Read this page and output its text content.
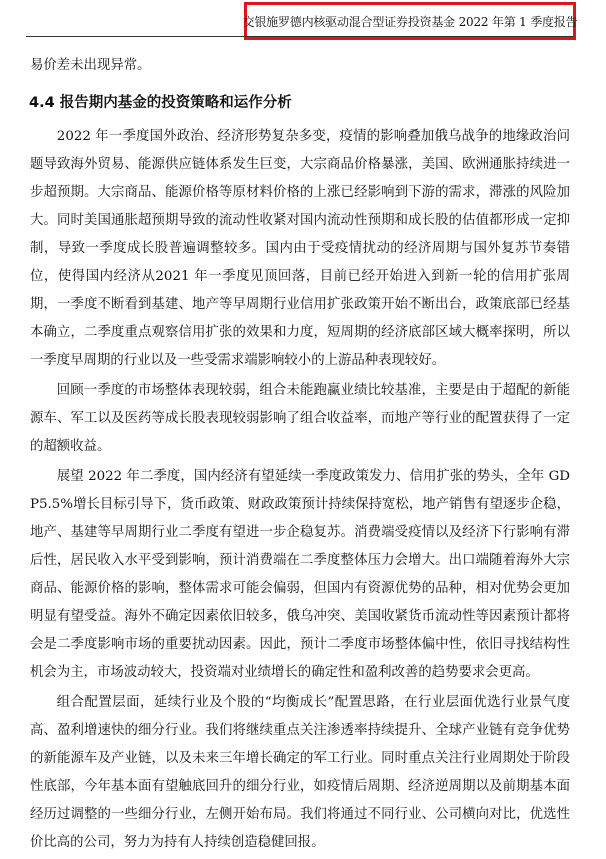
交银施罗德内核驱动混合型证券投资基金 2022 年第 1 季度报告

易价差未出现异常。

4.4 报告期内基金的投资策略和运作分析

2022 年一季度国外政治、经济形势复杂多变，疫情的影响叠加俄乌战争的地缘政治问题导致海外贸易、能源供应链体系发生巨变，大宗商品价格暴涨，美国、欧洲通胀持续进一步超预期。大宗商品、能源价格等原材料价格的上涨已经影响到下游的需求，滞涨的风险加大。同时美国通胀超预期导致的流动性收紧对国内流动性预期和成长股的估值都形成一定抑制，导致一季度成长股普遍调整较多。国内由于受疫情扰动的经济周期与国外复苏节奏错位，使得国内经济从2021 年一季度见顶回落，目前已经开始进入到新一轮的信用扩张周期，一季度不断看到基建、地产等早周期行业信用扩张政策开始不断出台，政策底部已经基本确立，二季度重点观察信用扩张的效果和力度，短周期的经济底部区域大概率探明，所以一季度早周期的行业以及一些受需求端影响较小的上游品种表现较好。

回顾一季度的市场整体表现较弱，组合未能跑赢业绩比较基准，主要是由于超配的新能源车、军工以及医药等成长股表现较弱影响了组合收益率，而地产等行业的配置获得了一定的超额收益。

展望 2022 年二季度，国内经济有望延续一季度政策发力、信用扩张的势头，全年 GDP5.5%增长目标引导下，货币政策、财政政策预计持续保持宽松，地产销售有望逐步企稳，地产、基建等早周期行业二季度有望进一步企稳复苏。消费端受疫情以及经济下行影响有滞后性，居民收入水平受到影响，预计消费端在二季度整体压力会增大。出口端随着海外大宗商品、能源价格的影响，整体需求可能会偏弱，但国内有资源优势的品种，相对优势会更加明显有望受益。海外不确定因素依旧较多，俄乌冲突、美国收紧货币流动性等因素预计都将会是二季度影响市场的重要扰动因素。因此，预计二季度市场整体偏中性，依旧寻找结构性机会为主，市场波动较大，投资端对业绩增长的确定性和盈利改善的趋势要求会更高。

组合配置层面，延续行业及个股的“均衡成长”配置思路，在行业层面优选行业景气度高、盈利增速快的细分行业。我们将继续重点关注渗透率持续提升、全球产业链有竞争优势的新能源车及产业链，以及未来三年增长确定的军工行业。同时重点关注行业周期处于阶段性底部，今年基本面有望触底回升的细分行业，如疫情后周期、经济逆周期以及前期基本面经历过调整的一些细分行业，左侧开始布局。我们将通过不同行业、公司横向对比，优选性价比高的公司，努力为持有人持续创造稳健回报。
